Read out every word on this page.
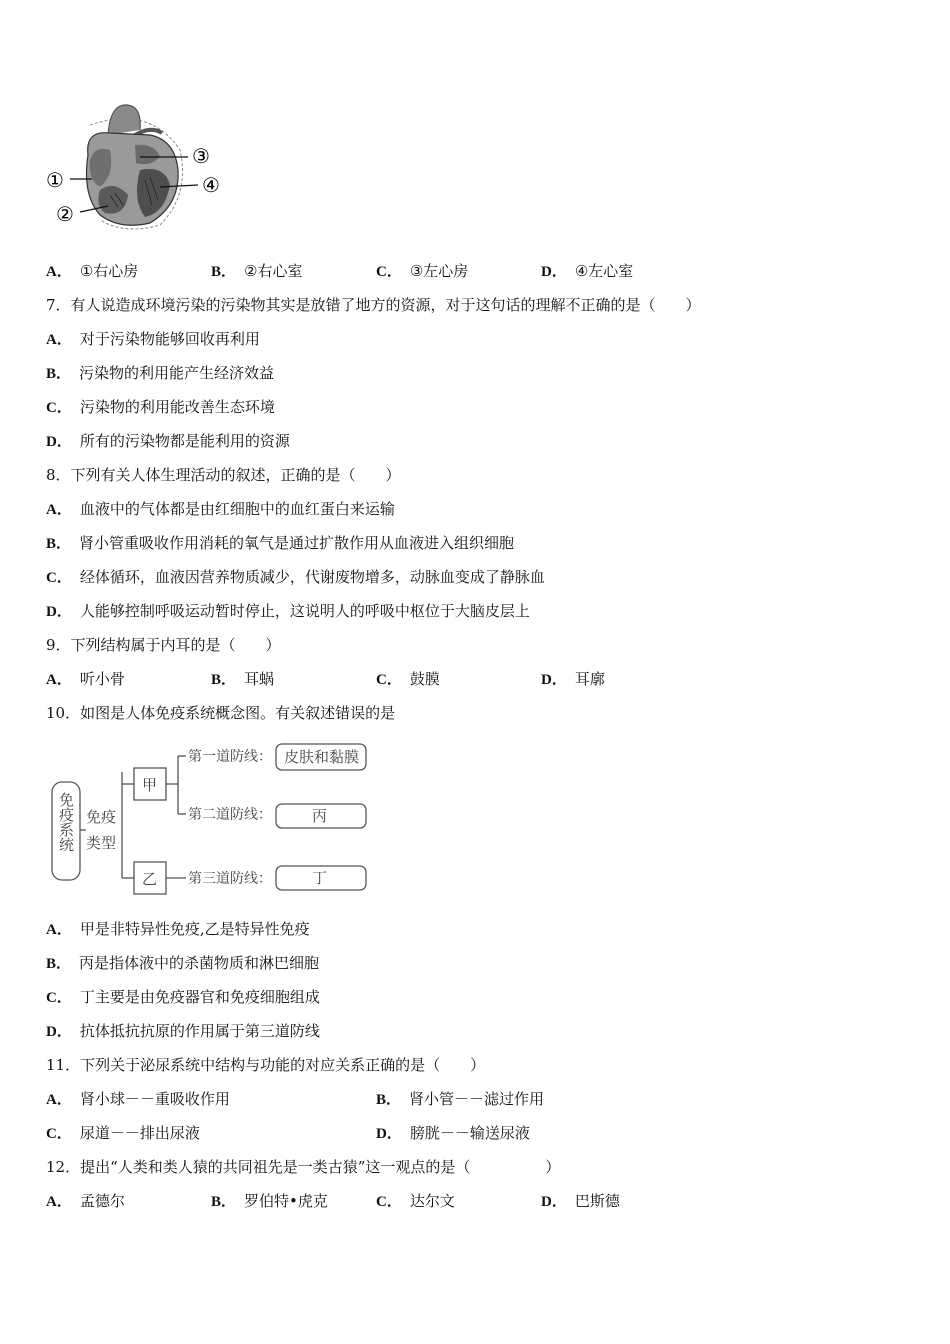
①
②
③
④
A． ①右心房	B． ②右心室	C． ③左心房	D． ④左心室
7．有人说造成环境污染的污染物其实是放错了地方的资源，对于这句话的理解不正确的是（　　）
A． 对于污染物能够回收再利用
B． 污染物的利用能产生经济效益
C． 污染物的利用能改善生态环境
D． 所有的污染物都是能利用的资源
8．下列有关人体生理活动的叙述，正确的是（　　）
A． 血液中的气体都是由红细胞中的血红蛋白来运输
B． 肾小管重吸收作用消耗的氧气是通过扩散作用从血液进入组织细胞
C． 经体循环，血液因营养物质减少，代谢废物增多，动脉血变成了静脉血
D． 人能够控制呼吸运动暂时停止，这说明人的呼吸中枢位于大脑皮层上
9．下列结构属于内耳的是（　　）
A． 听小骨	B． 耳蜗	C． 鼓膜	D． 耳廓
10．如图是人体免疫系统概念图。有关叙述错误的是
免疫系统 免疫
类型
甲
乙
第一道防线：
第二道防线：
第三道防线：
皮肤和黏膜
丙
丁
A． 甲是非特异性免疫,乙是特异性免疫
B． 丙是指体液中的杀菌物质和淋巴细胞
C． 丁主要是由免疫器官和免疫细胞组成
D． 抗体抵抗抗原的作用属于第三道防线
11．下列关于泌尿系统中结构与功能的对应关系正确的是（　　）
A． 肾小球－－重吸收作用	B． 肾小管－－滤过作用
C． 尿道－－排出尿液	D． 膀胱－－输送尿液
12．提出“人类和类人猿的共同祖先是一类古猿”这一观点的是（　　　　　）
A． 孟德尔	B． 罗伯特•虎克	C． 达尔文	D． 巴斯德
